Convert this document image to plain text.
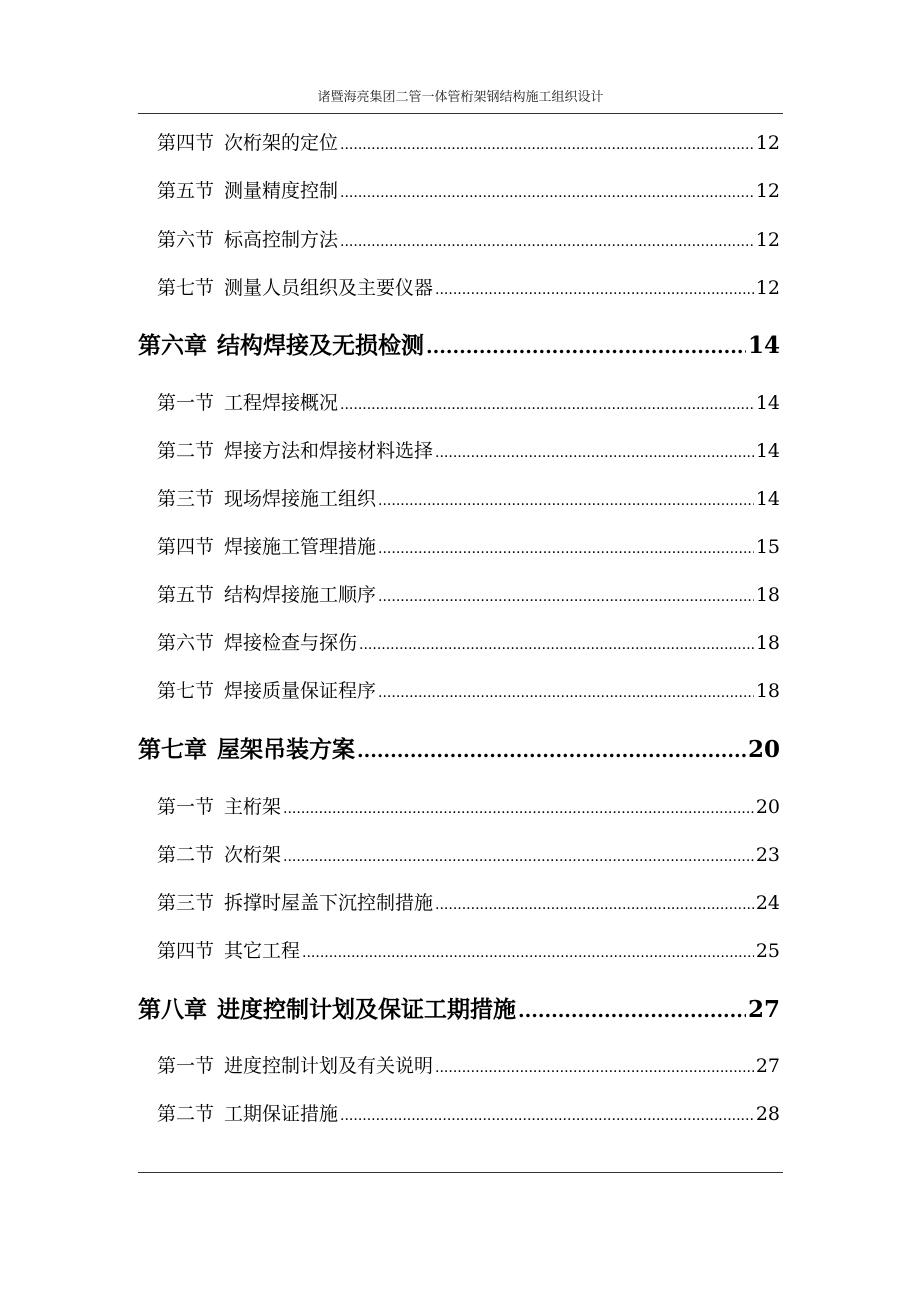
诸暨海亮集团二管一体管桁架钢结构施工组织设计
第四节 次桁架的定位 .....	12
第五节 测量精度控制 .....	12
第六节 标高控制方法 .....	12
第七节 测量人员组织及主要仪器 .....	12
第六章 结构焊接及无损检测 .....	14
第一节 工程焊接概况 .....	14
第二节 焊接方法和焊接材料选择 .....	14
第三节 现场焊接施工组织 .....	14
第四节 焊接施工管理措施 .....	15
第五节 结构焊接施工顺序 .....	18
第六节 焊接检查与探伤 .....	18
第七节 焊接质量保证程序 .....	18
第七章 屋架吊装方案 .....	20
第一节 主桁架 .....	20
第二节 次桁架 .....	23
第三节 拆撑时屋盖下沉控制措施 .....	24
第四节 其它工程 .....	25
第八章 进度控制计划及保证工期措施 .....	27
第一节 进度控制计划及有关说明 .....	27
第二节 工期保证措施 .....	28
